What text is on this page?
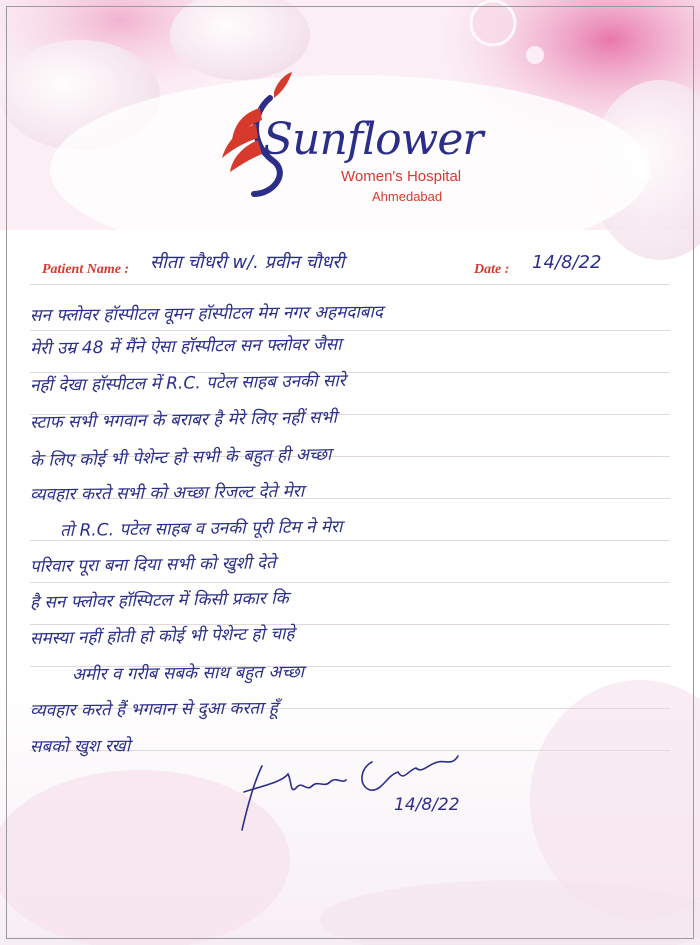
Sunflower
Women's Hospital
Ahmedabad
Patient Name : सीता चौधरी w/. प्रवीन चौधरी	Date : 14/8/22
सन फ्लोवर हॉस्पीटल वूमन हॉस्पीटल मेम नगर अहमदाबाद
मेरी उम्र 48 में मैंने ऐसा हॉस्पीटल सन फ्लोवर जैसा
नहीं देखा हॉस्पीटल में R.C. पटेल साहब उनकी सारे
स्टाफ सभी भगवान के बराबर है मेरे लिए नहीं सभी
के लिए कोई भी पेशेन्ट हो सभी के बहुत ही अच्छा
व्यवहार करते सभी को अच्छा रिजल्ट देते मेरा
तो R.C. पटेल साहब व उनकी पूरी टिम ने मेरा
परिवार पूरा बना दिया सभी को खुशी देते
है सन फ्लोवर हॉस्पिटल में किसी प्रकार कि
समस्या नहीं होती हो कोई भी पेशेन्ट हो चाहे
अमीर व गरीब सबके साथ बहुत अच्छा
व्यवहार करते हैं भगवान से दुआ करता हूँ
सबको खुश रखो
14/8/22
